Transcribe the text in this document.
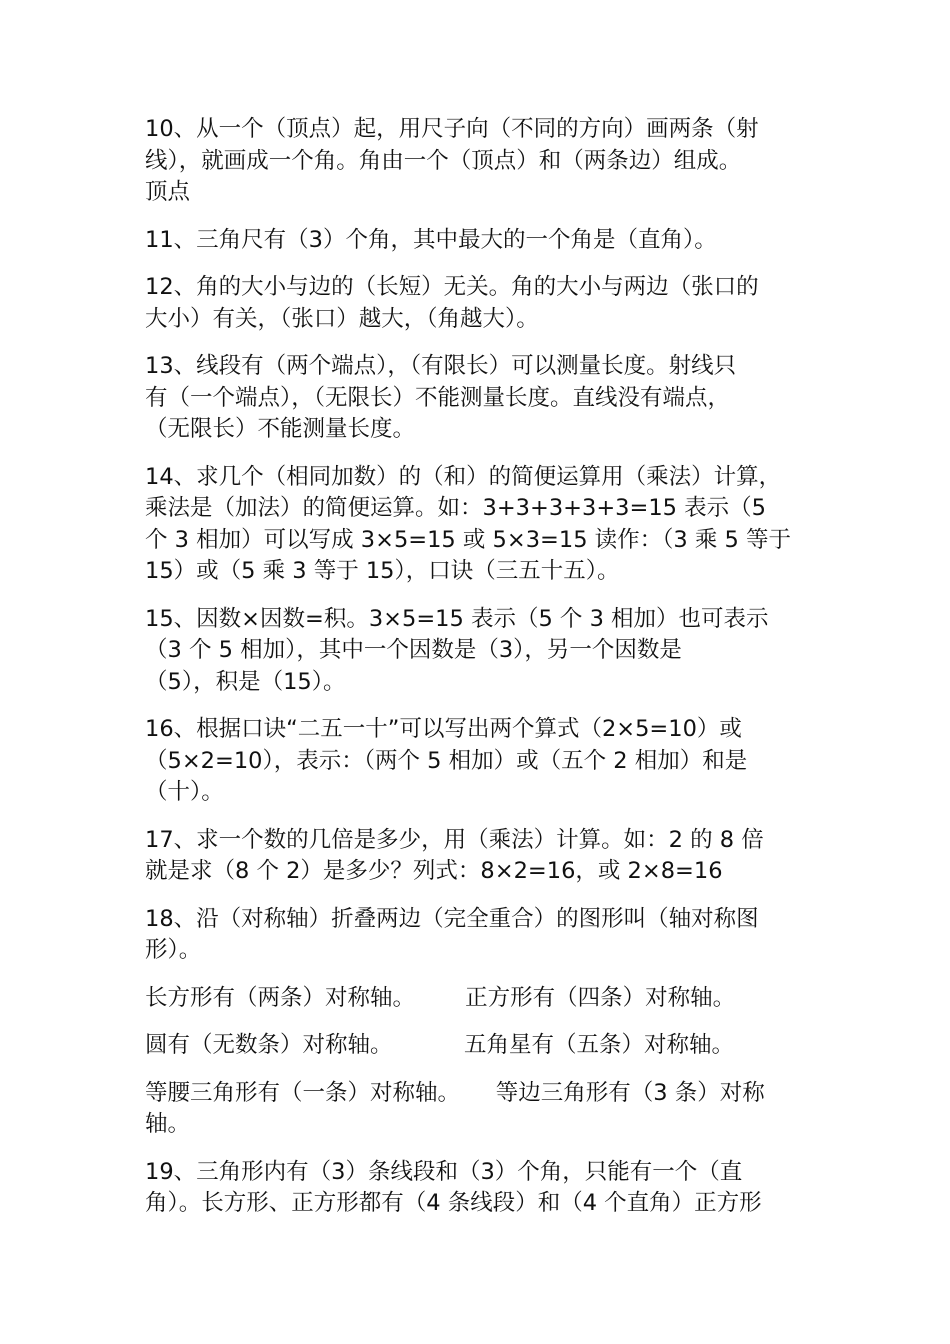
10、从一个（顶点）起，用尺子向（不同的方向）画两条（射
线），就画成一个角。角由一个（顶点）和（两条边）组成。
顶点
11、三角尺有（3）个角，其中最大的一个角是（直角）。
12、角的大小与边的（长短）无关。角的大小与两边（张口的
大小）有关，（张口）越大，（角越大）。
13、线段有（两个端点），（有限长）可以测量长度。射线只
有（一个端点），（无限长）不能测量长度。直线没有端点，
（无限长）不能测量长度。
14、求几个（相同加数）的（和）的简便运算用（乘法）计算，
乘法是（加法）的简便运算。如：3+3+3+3+3=15 表示（5
个 3 相加）可以写成 3×5=15 或 5×3=15 读作：（3 乘 5 等于
15）或（5 乘 3 等于 15），口诀（三五十五）。
15、因数×因数=积。3×5=15 表示（5 个 3 相加）也可表示
（3 个 5 相加），其中一个因数是（3），另一个因数是
（5），积是（15）。
16、根据口诀“二五一十”可以写出两个算式（2×5=10）或
（5×2=10），表示：（两个 5 相加）或（五个 2 相加）和是
（十）。
17、求一个数的几倍是多少，用（乘法）计算。如：2 的 8 倍
就是求（8 个 2）是多少？列式：8×2=16，或 2×8=16
18、沿（对称轴）折叠两边（完全重合）的图形叫（轴对称图
形）。
长方形有（两条）对称轴。       正方形有（四条）对称轴。
圆有（无数条）对称轴。          五角星有（五条）对称轴。
等腰三角形有（一条）对称轴。     等边三角形有（3 条）对称
轴。
19、三角形内有（3）条线段和（3）个角，只能有一个（直
角）。长方形、正方形都有（4 条线段）和（4 个直角）正方形
